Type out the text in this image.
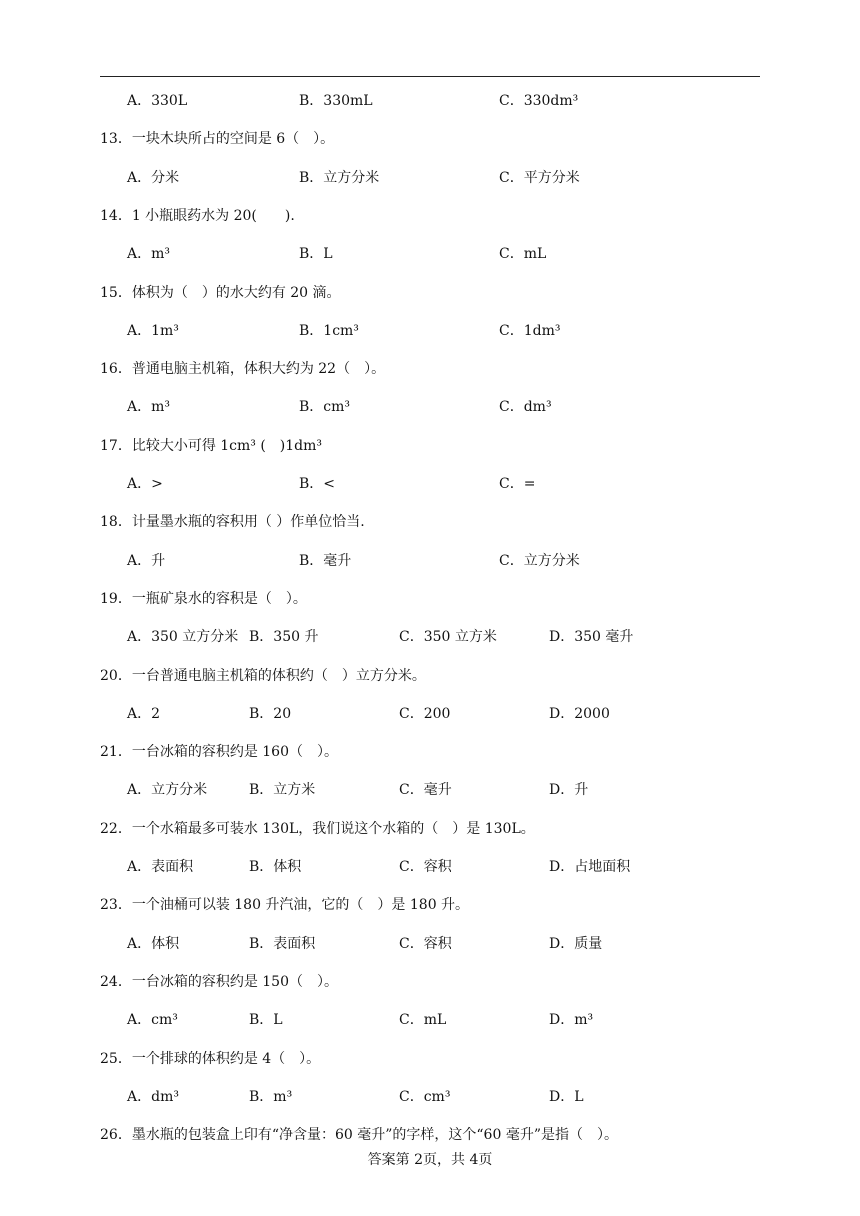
A．330L	B．330mL	C．330dm³
13．一块木块所占的空间是 6（　）。
A．分米	B．立方分米	C．平方分米
14．1 小瓶眼药水为 20(　　).
A．m³	B．L	C．mL
15．体积为（　）的水大约有 20 滴。
A．1m³	B．1cm³	C．1dm³
16．普通电脑主机箱，体积大约为 22（　）。
A．m³	B．cm³	C．dm³
17．比较大小可得 1cm³ (　)1dm³
A．>	B．<	C．=
18．计量墨水瓶的容积用（ ）作单位恰当.
A．升	B．毫升	C．立方分米
19．一瓶矿泉水的容积是（　）。
A．350 立方分米 B．350 升	C．350 立方米	D．350 毫升
20．一台普通电脑主机箱的体积约（　）立方分米。
A．2	B．20	C．200	D．2000
21．一台冰箱的容积约是 160（　）。
A．立方分米	B．立方米	C．毫升	D．升
22．一个水箱最多可装水 130L，我们说这个水箱的（　）是 130L。
A．表面积	B．体积	C．容积	D．占地面积
23．一个油桶可以装 180 升汽油，它的（　）是 180 升。
A．体积	B．表面积	C．容积	D．质量
24．一台冰箱的容积约是 150（　）。
A．cm³	B．L	C．mL	D．m³
25．一个排球的体积约是 4（　）。
A．dm³	B．m³	C．cm³	D．L
26．墨水瓶的包装盒上印有“净含量：60 毫升”的字样，这个“60 毫升”是指（　）。
答案第 2页，共 4页
